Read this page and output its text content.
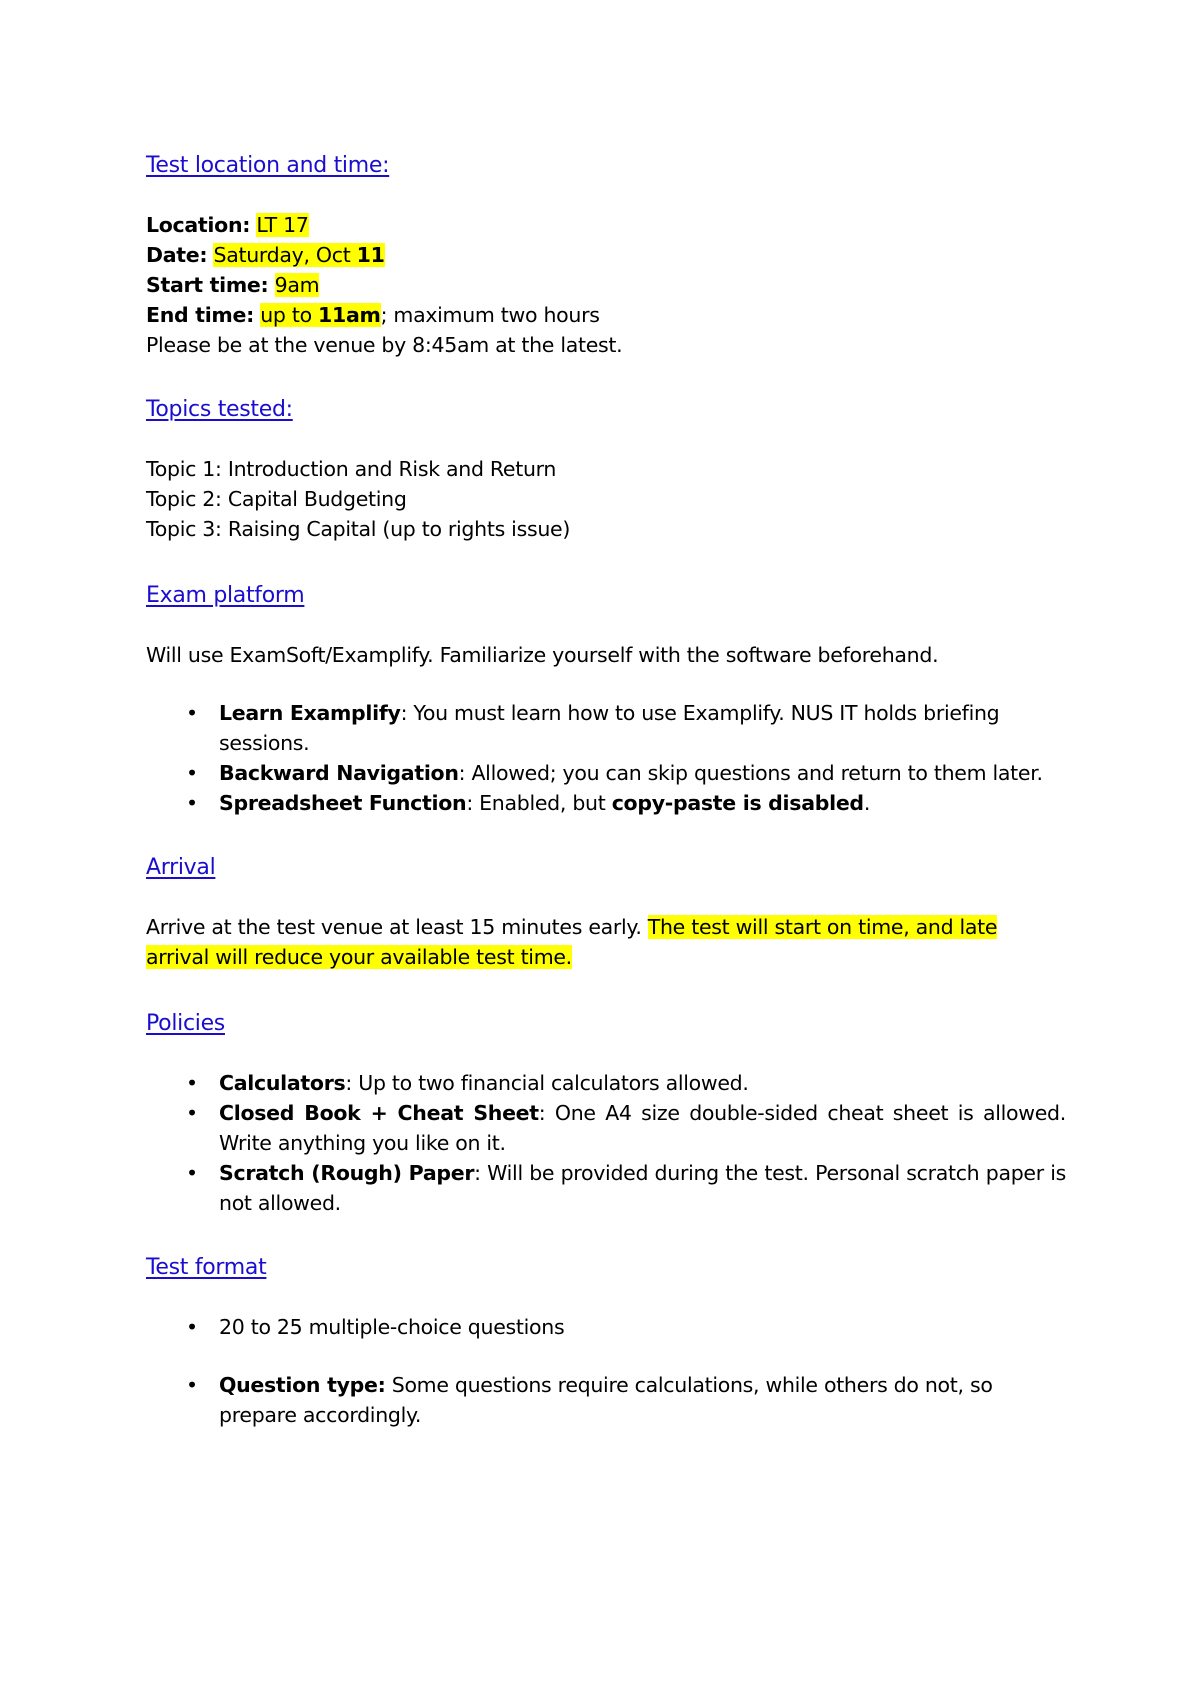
Test location and time:

Location: LT 17

Date: Saturday, Oct 11

Start time: 9am

End time: up to 11am; maximum two hours

Please be at the venue by 8:45am at the latest.

Topics tested:

Topic 1: Introduction and Risk and Return

Topic 2: Capital Budgeting

Topic 3: Raising Capital (up to rights issue)

Exam platform

Will use ExamSoft/Examplify. Familiarize yourself with the software beforehand.

• Learn Examplify: You must learn how to use Examplify. NUS IT holds briefing sessions.
• Backward Navigation: Allowed; you can skip questions and return to them later.
• Spreadsheet Function: Enabled, but copy-paste is disabled.
Arrival

Arrive at the test venue at least 15 minutes early. The test will start on time, and late arrival will reduce your available test time.

Policies
• Calculators: Up to two financial calculators allowed.
• Closed Book + Cheat Sheet: One A4 size double-sided cheat sheet is allowed. Write anything you like on it.
• Scratch (Rough) Paper: Will be provided during the test. Personal scratch paper is not allowed.
Test format
• 20 to 25 multiple-choice questions
• Question type: Some questions require calculations, while others do not, so prepare accordingly.
